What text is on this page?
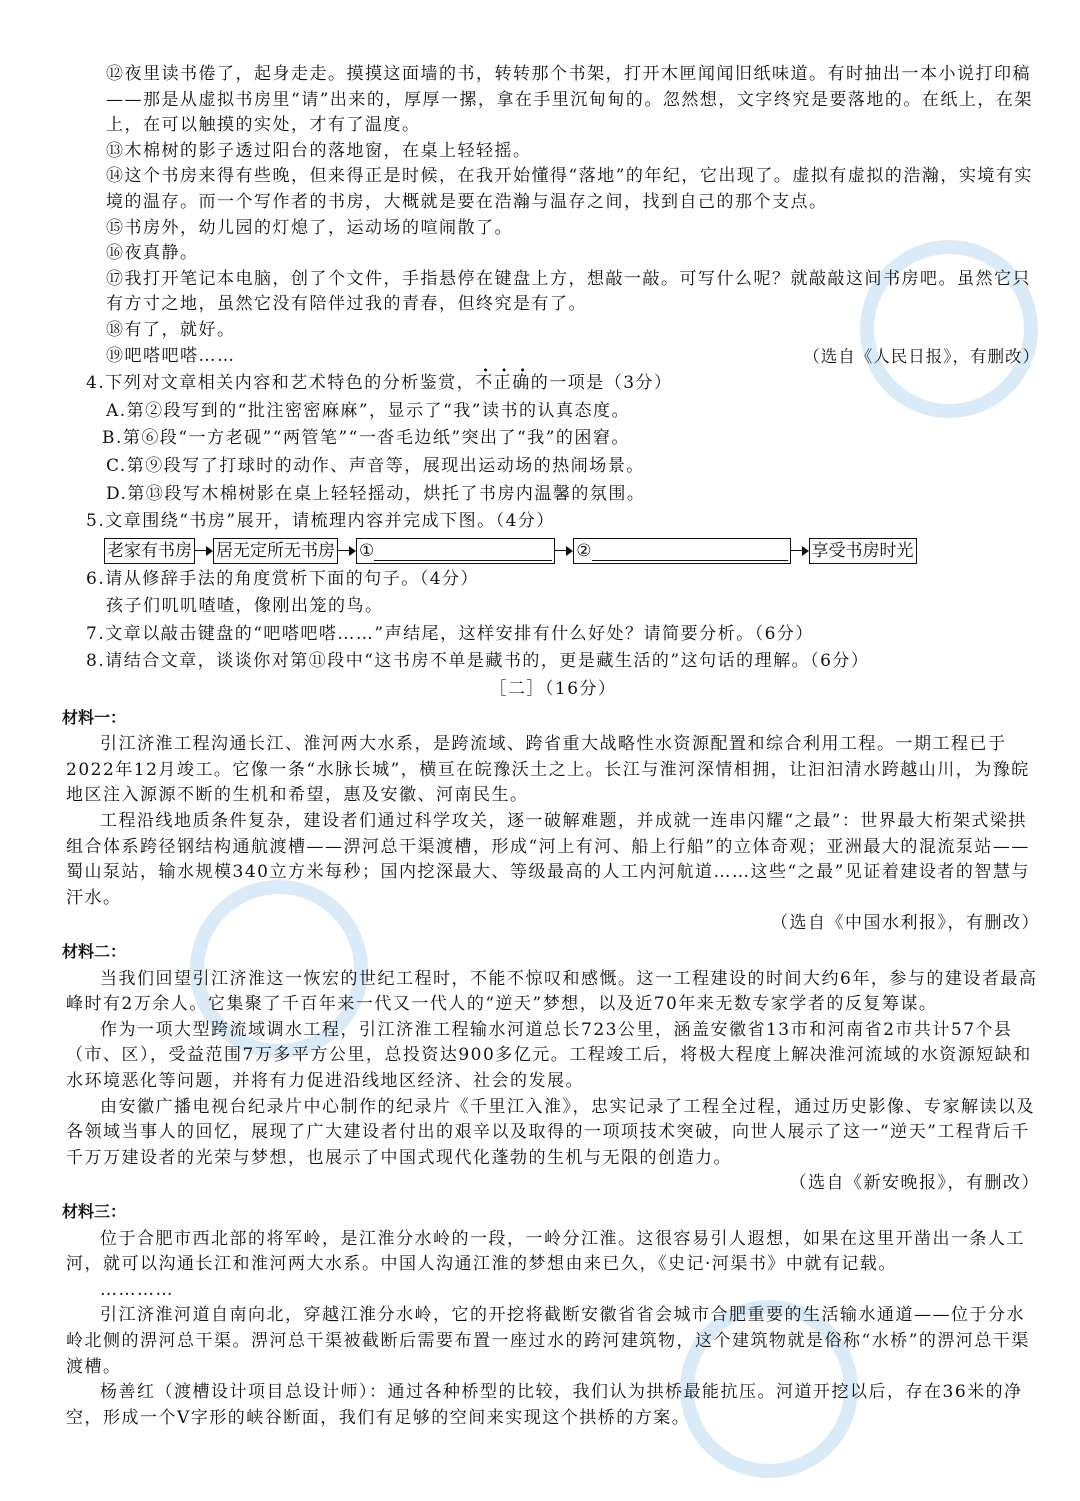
⑫夜里读书倦了，起身走走。摸摸这面墙的书，转转那个书架，打开木匣闻闻旧纸味道。有时抽出一本小说打印稿——那是从虚拟书房里“请”出来的，厚厚一摞，拿在手里沉甸甸的。忽然想，文字终究是要落地的。在纸上，在架上，在可以触摸的实处，才有了温度。

⑬木棉树的影子透过阳台的落地窗，在桌上轻轻摇。

⑭这个书房来得有些晚，但来得正是时候，在我开始懂得“落地”的年纪，它出现了。虚拟有虚拟的浩瀚，实境有实境的温存。而一个写作者的书房，大概就是要在浩瀚与温存之间，找到自己的那个支点。

⑮书房外，幼儿园的灯熄了，运动场的喧闹散了。

⑯夜真静。

⑰我打开笔记本电脑，创了个文件，手指悬停在键盘上方，想敲一敲。可写什么呢？就敲敲这间书房吧。虽然它只有方寸之地，虽然它没有陪伴过我的青春，但终究是有了。

⑱有了，就好。

⑲吧嗒吧嗒……	（选自《人民日报》，有删改）

4.下列对文章相关内容和艺术特色的分析鉴赏，不正确的一项是（3分）

A.第②段写到的“批注密密麻麻”，显示了“我”读书的认真态度。

B.第⑥段“一方老砚”“两管笔”“一沓毛边纸”突出了“我”的困窘。

C.第⑨段写了打球时的动作、声音等，展现出运动场的热闹场景。

D.第⑬段写木棉树影在桌上轻轻摇动，烘托了书房内温馨的氛围。

5.文章围绕“书房”展开，请梳理内容并完成下图。（4分）

老家有书房 居无定所无书房 ①	②	享受书房时光

6.请从修辞手法的角度赏析下面的句子。（4分）

孩子们叽叽喳喳，像刚出笼的鸟。

7.文章以敲击键盘的“吧嗒吧嗒……”声结尾，这样安排有什么好处？请简要分析。（6分）

8.请结合文章，谈谈你对第⑪段中“这书房不单是藏书的，更是藏生活的”这句话的理解。（6分）

［二］（16分）

材料一：

引江济淮工程沟通长江、淮河两大水系，是跨流域、跨省重大战略性水资源配置和综合利用工程。一期工程已于2022年12月竣工。它像一条“水脉长城”，横亘在皖豫沃土之上。长江与淮河深情相拥，让汩汩清水跨越山川，为豫皖地区注入源源不断的生机和希望，惠及安徽、河南民生。

工程沿线地质条件复杂，建设者们通过科学攻关，逐一破解难题，并成就一连串闪耀“之最”：世界最大桁架式梁拱组合体系跨径钢结构通航渡槽——淠河总干渠渡槽，形成“河上有河、船上行船”的立体奇观；亚洲最大的混流泵站——蜀山泵站，输水规模340立方米每秒；国内挖深最大、等级最高的人工内河航道……这些“之最”见证着建设者的智慧与汗水。

（选自《中国水利报》，有删改）

材料二：

当我们回望引江济淮这一恢宏的世纪工程时，不能不惊叹和感慨。这一工程建设的时间大约6年，参与的建设者最高峰时有2万余人。它集聚了千百年来一代又一代人的“逆天”梦想，以及近70年来无数专家学者的反复筹谋。

作为一项大型跨流域调水工程，引江济淮工程输水河道总长723公里，涵盖安徽省13市和河南省2市共计57个县（市、区），受益范围7万多平方公里，总投资达900多亿元。工程竣工后，将极大程度上解决淮河流域的水资源短缺和水环境恶化等问题，并将有力促进沿线地区经济、社会的发展。

由安徽广播电视台纪录片中心制作的纪录片《千里江入淮》，忠实记录了工程全过程，通过历史影像、专家解读以及各领域当事人的回忆，展现了广大建设者付出的艰辛以及取得的一项项技术突破，向世人展示了这一“逆天”工程背后千千万万建设者的光荣与梦想，也展示了中国式现代化蓬勃的生机与无限的创造力。

（选自《新安晚报》，有删改）

材料三：

位于合肥市西北部的将军岭，是江淮分水岭的一段，一岭分江淮。这很容易引人遐想，如果在这里开凿出一条人工河，就可以沟通长江和淮河两大水系。中国人沟通江淮的梦想由来已久，《史记·河渠书》中就有记载。

…………

引江济淮河道自南向北，穿越江淮分水岭，它的开挖将截断安徽省省会城市合肥重要的生活输水通道——位于分水岭北侧的淠河总干渠。淠河总干渠被截断后需要布置一座过水的跨河建筑物，这个建筑物就是俗称“水桥”的淠河总干渠渡槽。

杨善红（渡槽设计项目总设计师）：通过各种桥型的比较，我们认为拱桥最能抗压。河道开挖以后，存在36米的净空，形成一个V字形的峡谷断面，我们有足够的空间来实现这个拱桥的方案。
